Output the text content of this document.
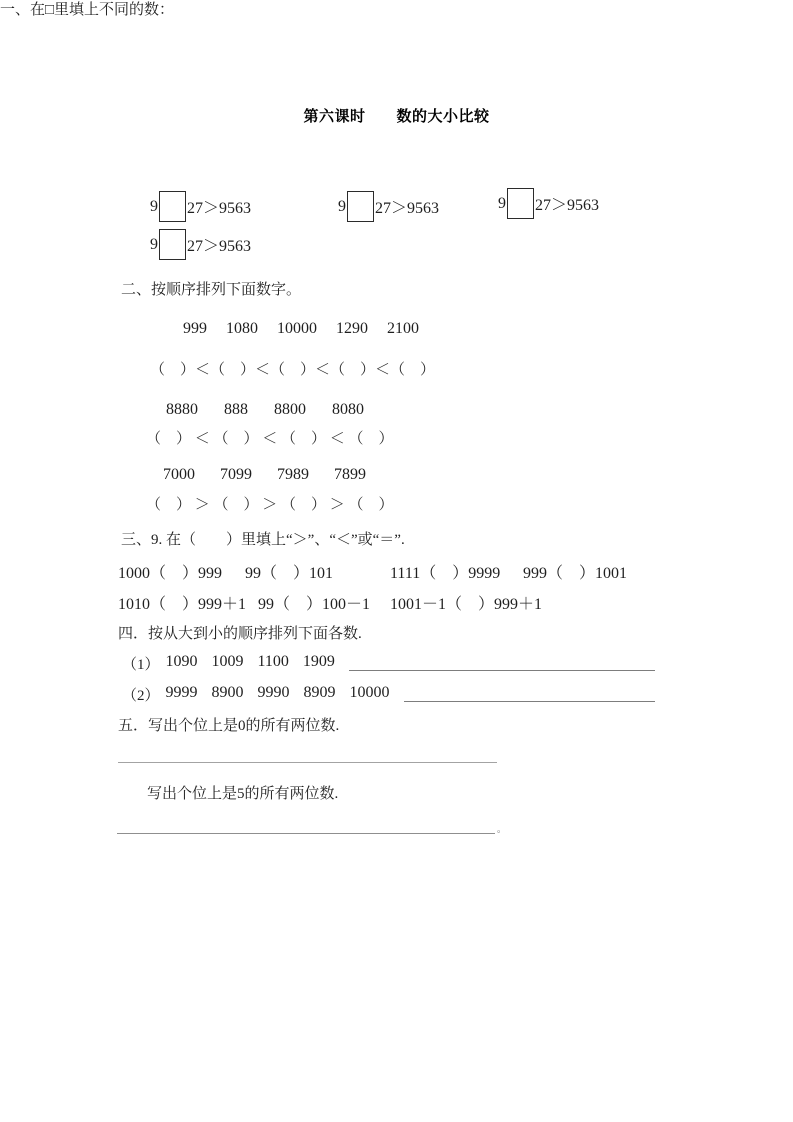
第六课时　　数的大小比较
一、在□里填上不同的数：
9 27＞9563	9 27＞9563	9 27＞9563
9 27＞9563
二、按顺序排列下面数字。
999 1080 10000 1290 2100
（　）＜（　）＜（　）＜（　）＜（　）
8880 888 8800 8080
（　） ＜ （　） ＜ （　） ＜ （　）
7000 7099 7989 7899
（　） ＞ （　） ＞ （　） ＞ （　）
三、9. 在（　　）里填上“＞”、“＜”或“＝”.
1000（　）999 99（　）101	1111（　）9999 999（　）1001
1010（　）999＋1 99（　）100－1 1001－1（　）999＋1
四．按从大到小的顺序排列下面各数.
（1） 1090 1009 1100 1909
（2） 9999 8900 9990 8909 10000
五．写出个位上是0的所有两位数.
写出个位上是5的所有两位数.
。
